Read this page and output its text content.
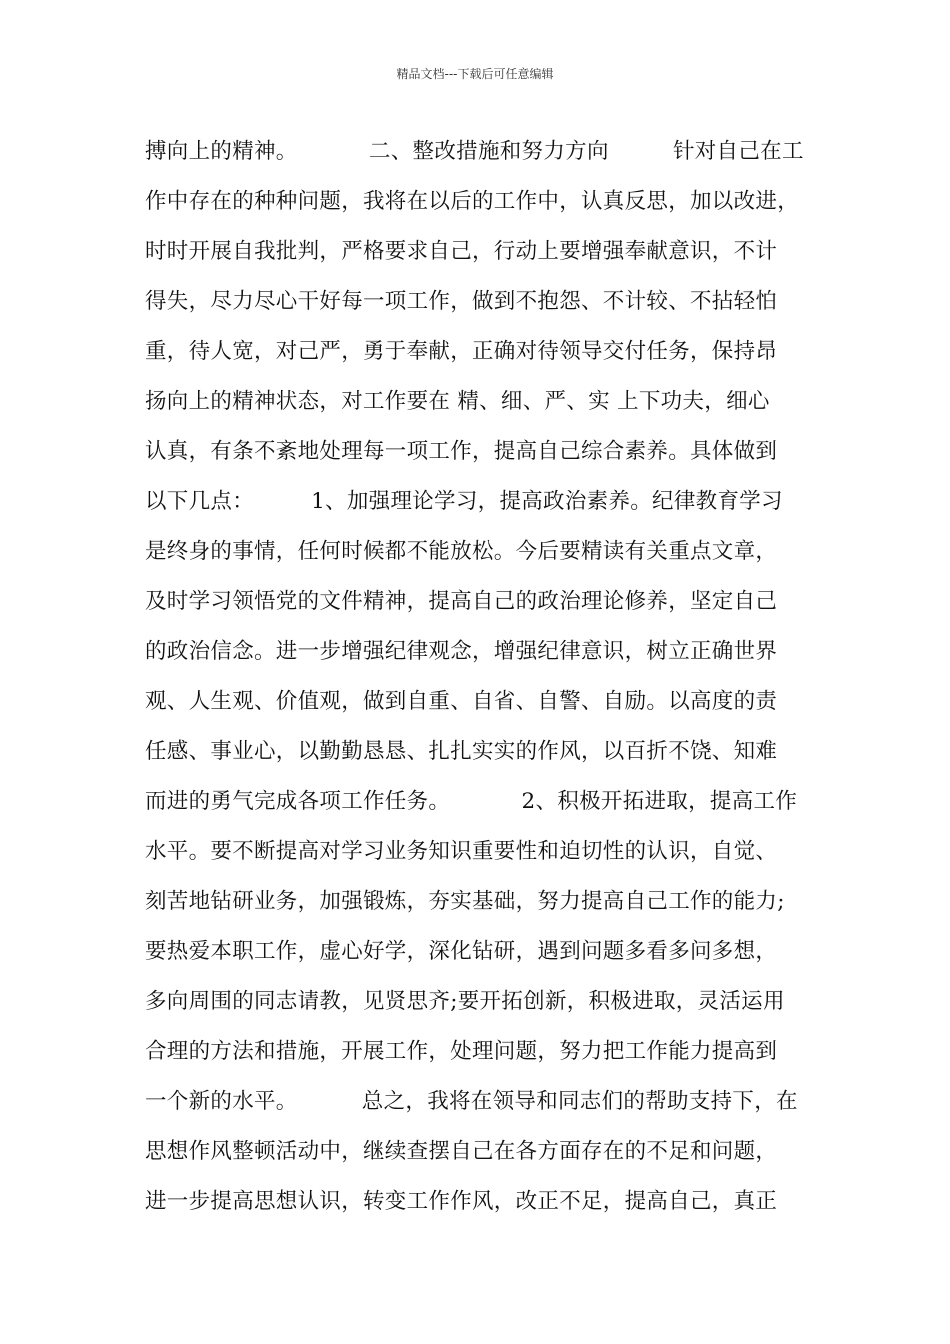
精品文档---下载后可任意编辑
搏向上的精神。          二、整改措施和努力方向         针对自己在工
作中存在的种种问题，我将在以后的工作中，认真反思，加以改进，
时时开展自我批判，严格要求自己，行动上要增强奉献意识，不计
得失，尽力尽心干好每一项工作，做到不抱怨、不计较、不拈轻怕
重，待人宽，对己严，勇于奉献，正确对待领导交付任务，保持昂
扬向上的精神状态，对工作要在 精、细、严、实 上下功夫，细心
认真，有条不紊地处理每一项工作，提高自己综合素养。具体做到
以下几点：        1、加强理论学习，提高政治素养。纪律教育学习
是终身的事情，任何时候都不能放松。今后要精读有关重点文章，
及时学习领悟党的文件精神，提高自己的政治理论修养，坚定自己
的政治信念。进一步增强纪律观念，增强纪律意识，树立正确世界
观、人生观、价值观，做到自重、自省、自警、自励。以高度的责
任感、事业心，以勤勤恳恳、扎扎实实的作风，以百折不饶、知难
而进的勇气完成各项工作任务。          2、积极开拓进取，提高工作
水平。要不断提高对学习业务知识重要性和迫切性的认识，自觉、
刻苦地钻研业务，加强锻炼，夯实基础，努力提高自己工作的能力;
要热爱本职工作，虚心好学，深化钻研，遇到问题多看多问多想，
多向周围的同志请教，见贤思齐;要开拓创新，积极进取，灵活运用
合理的方法和措施，开展工作，处理问题，努力把工作能力提高到
一个新的水平。         总之，我将在领导和同志们的帮助支持下，在
思想作风整顿活动中，继续查摆自己在各方面存在的不足和问题，
进一步提高思想认识，转变工作作风，改正不足，提高自己，真正
